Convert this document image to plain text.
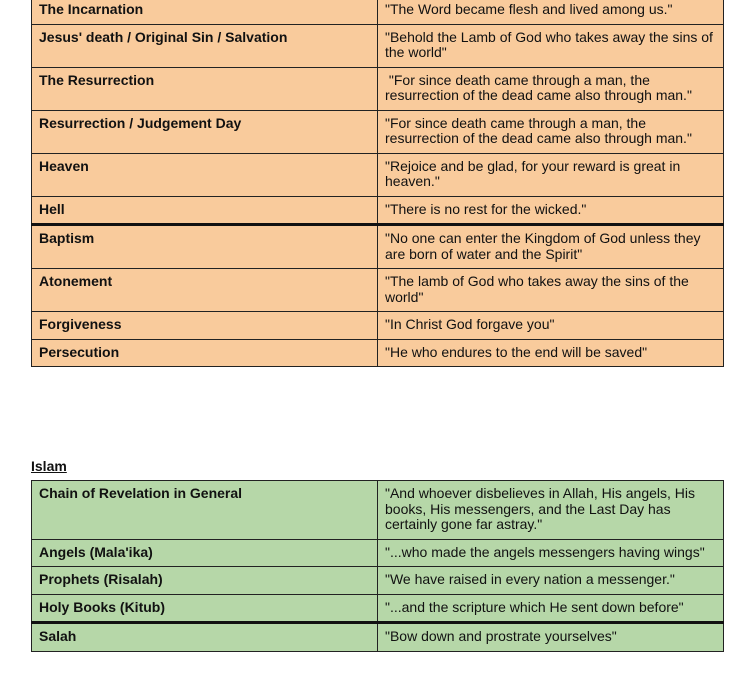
The Incarnation	"The Word became flesh and lived among us."
Jesus' death / Original Sin / Salvation	"Behold the Lamb of God who takes away the sins of the world"
The Resurrection	"For since death came through a man, the resurrection of the dead came also through man."
Resurrection / Judgement Day	"For since death came through a man, the resurrection of the dead came also through man."
Heaven	"Rejoice and be glad, for your reward is great in heaven."
Hell	"There is no rest for the wicked."
Baptism	"No one can enter the Kingdom of God unless they are born of water and the Spirit"
Atonement	"The lamb of God who takes away the sins of the world"
Forgiveness	"In Christ God forgave you"
Persecution	"He who endures to the end will be saved"
Islam
Chain of Revelation in General	"And whoever disbelieves in Allah, His angels, His books, His messengers, and the Last Day has certainly gone far astray."
Angels (Mala'ika)	"...who made the angels messengers having wings"
Prophets (Risalah)	"We have raised in every nation a messenger."
Holy Books (Kitub)	"...and the scripture which He sent down before"
Salah	"Bow down and prostrate yourselves"
